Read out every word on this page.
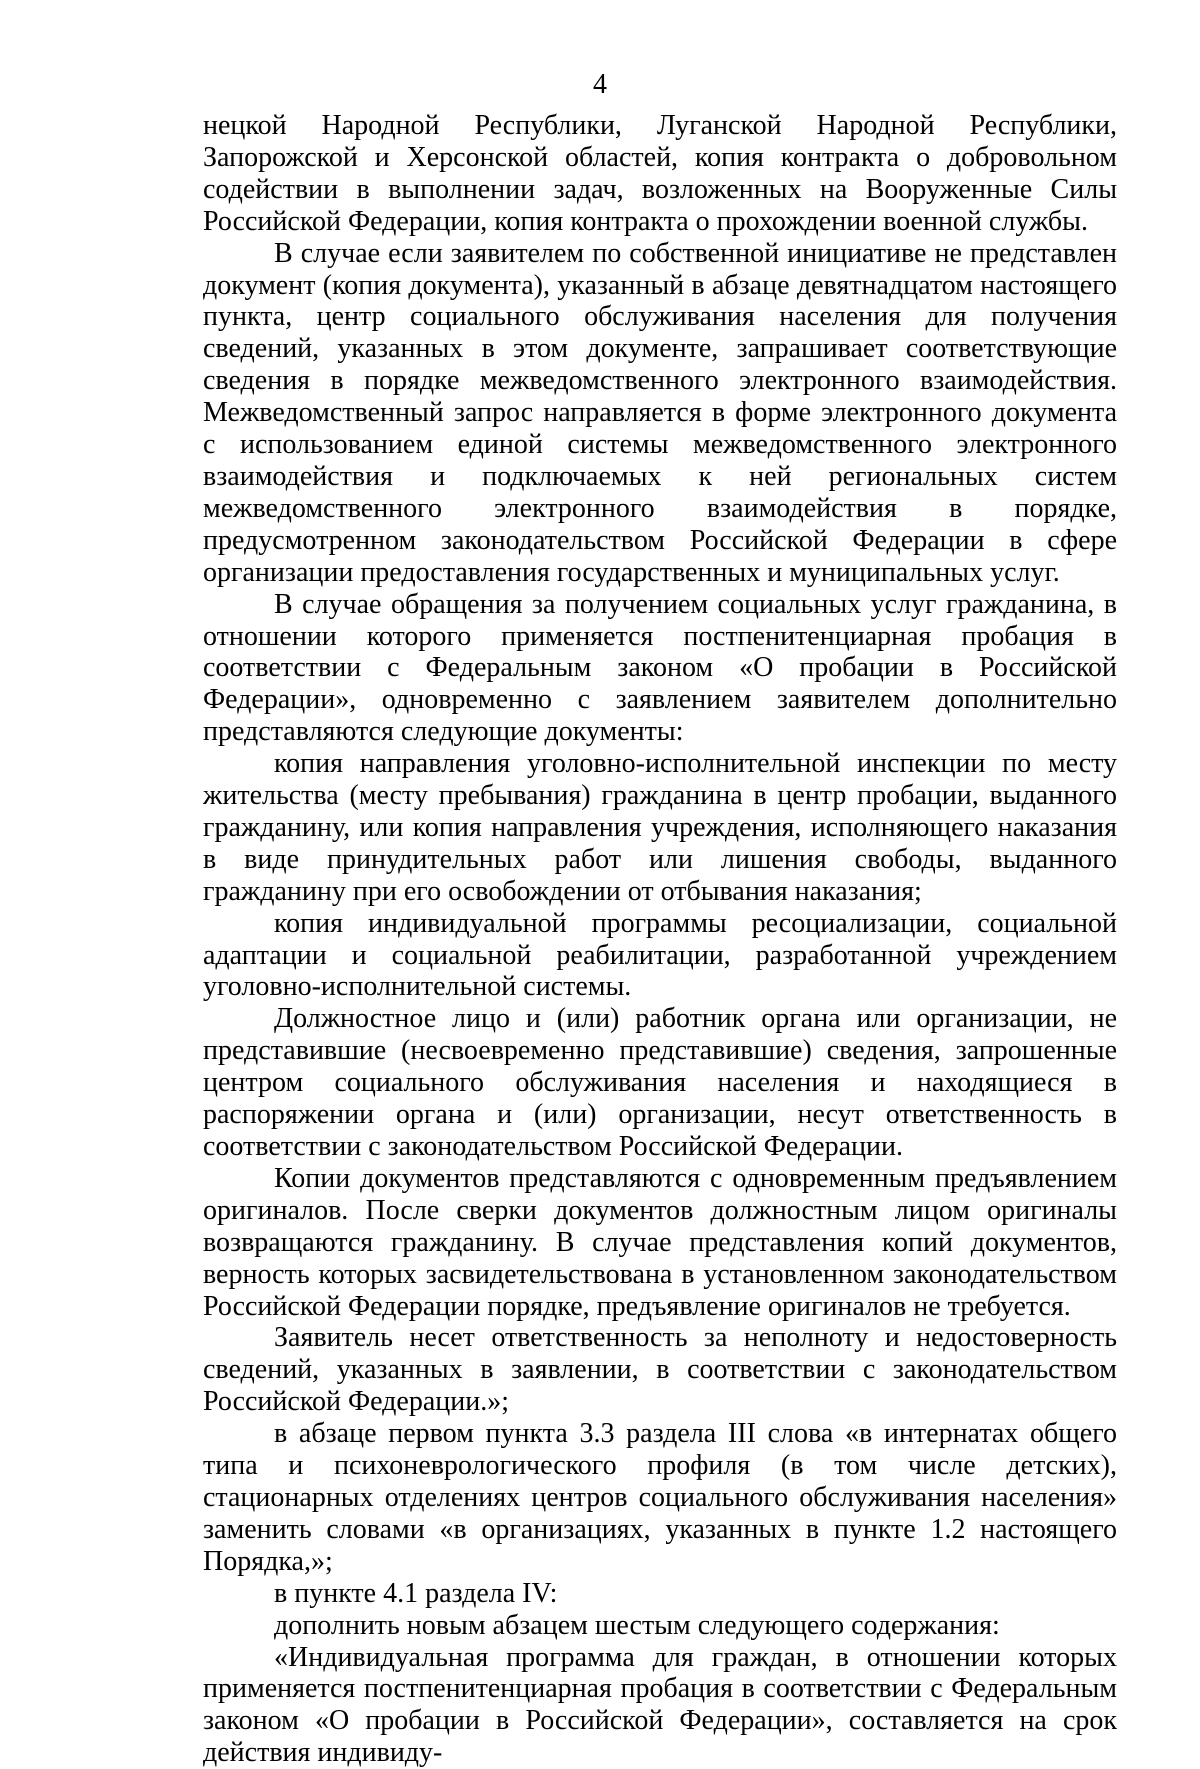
4

нецкой Народной Республики, Луганской Народной Республики, Запорожской и Херсонской областей, копия контракта о добровольном содействии в выполнении задач, возложенных на Вооруженные Силы Российской Федерации, копия контракта о прохождении военной службы.

В случае если заявителем по собственной инициативе не представлен документ (копия документа), указанный в абзаце девятнадцатом настоящего пункта, центр социального обслуживания населения для получения сведений, указанных в этом документе, запрашивает соответствующие сведения в порядке межведомственного электронного взаимодействия. Межведомственный запрос направляется в форме электронного документа с использованием единой системы межведомственного электронного взаимодействия и подключаемых к ней региональных систем межведомственного электронного взаимодействия в порядке, предусмотренном законодательством Российской Федерации в сфере организации предоставления государственных и муниципальных услуг.

В случае обращения за получением социальных услуг гражданина, в отношении которого применяется постпенитенциарная пробация в соответствии с Федеральным законом «О пробации в Российской Федерации», одновременно с заявлением заявителем дополнительно представляются следующие документы:

копия направления уголовно-исполнительной инспекции по месту жительства (месту пребывания) гражданина в центр пробации, выданного гражданину, или копия направления учреждения, исполняющего наказания в виде принудительных работ или лишения свободы, выданного гражданину при его освобождении от отбывания наказания;

копия индивидуальной программы ресоциализации, социальной адаптации и социальной реабилитации, разработанной учреждением уголовно-исполнительной системы.

Должностное лицо и (или) работник органа или организации, не представившие (несвоевременно представившие) сведения, запрошенные центром социального обслуживания населения и находящиеся в распоряжении органа и (или) организации, несут ответственность в соответствии с законодательством Российской Федерации.

Копии документов представляются с одновременным предъявлением оригиналов. После сверки документов должностным лицом оригиналы возвращаются гражданину. В случае представления копий документов, верность которых засвидетельствована в установленном законодательством Российской Федерации порядке, предъявление оригиналов не требуется.

Заявитель несет ответственность за неполноту и недостоверность сведений, указанных в заявлении, в соответствии с законодательством Российской Федерации.»;

в абзаце первом пункта 3.3 раздела III слова «в интернатах общего типа и психоневрологического профиля (в том числе детских), стационарных отделениях центров социального обслуживания населения» заменить словами «в организациях, указанных в пункте 1.2 настоящего Порядка,»;

в пункте 4.1 раздела IV:

дополнить новым абзацем шестым следующего содержания:

«Индивидуальная программа для граждан, в отношении которых применяется постпенитенциарная пробация в соответствии с Федеральным законом «О пробации в Российской Федерации», составляется на срок действия индивиду-
